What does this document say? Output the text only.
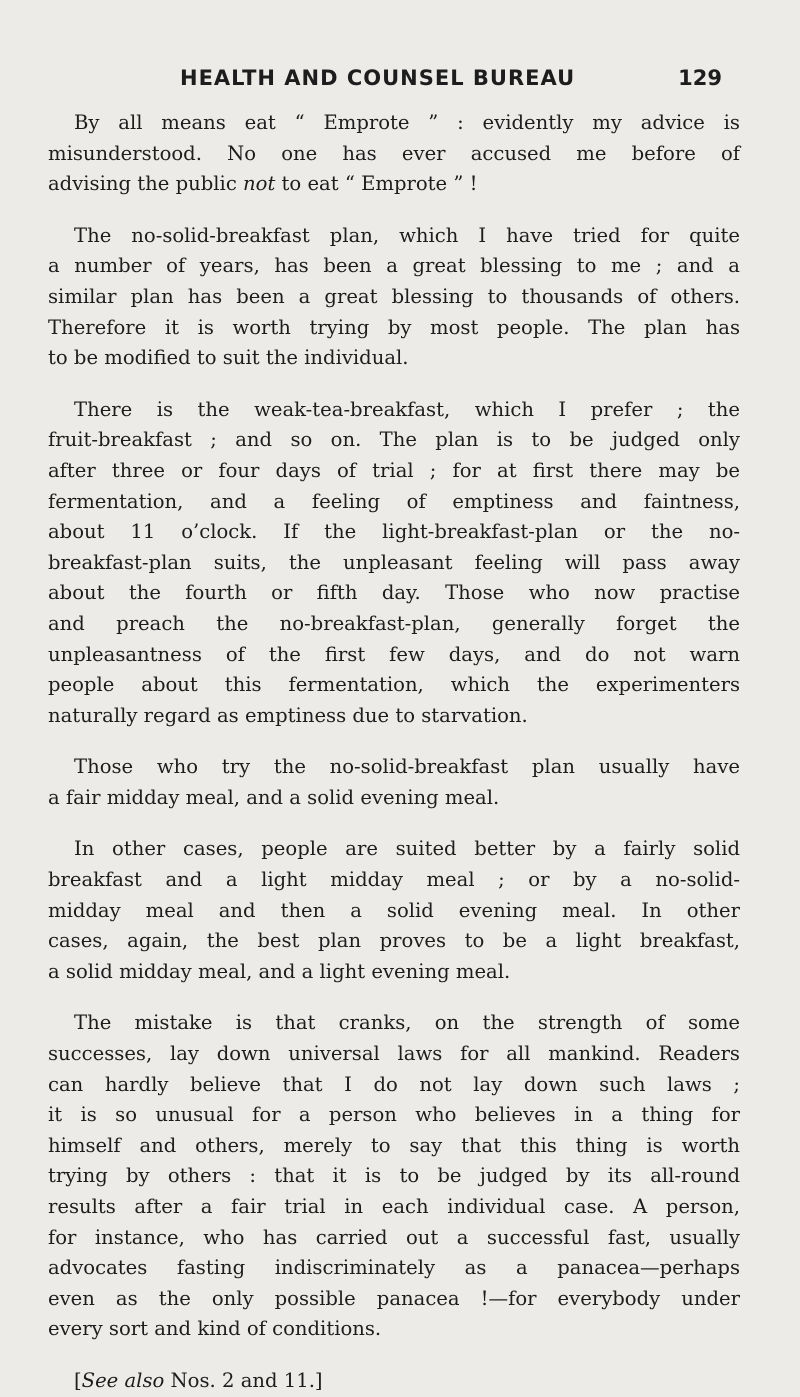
HEALTH AND COUNSEL BUREAU	129
By all means eat “ Emprote ” : evidently my advice is
misunderstood. No one has ever accused me before of
advising the public not to eat “ Emprote ” !
The no-solid-breakfast plan, which I have tried for quite
a number of years, has been a great blessing to me ; and a
similar plan has been a great blessing to thousands of others.
Therefore it is worth trying by most people. The plan has
to be modified to suit the individual.
There is the weak-tea-breakfast, which I prefer ; the
fruit-breakfast ; and so on. The plan is to be judged only
after three or four days of trial ; for at first there may be
fermentation, and a feeling of emptiness and faintness,
about 11 o’clock. If the light-breakfast-plan or the no-
breakfast-plan suits, the unpleasant feeling will pass away
about the fourth or fifth day. Those who now practise
and preach the no-breakfast-plan, generally forget the
unpleasantness of the first few days, and do not warn
people about this fermentation, which the experimenters
naturally regard as emptiness due to starvation.
Those who try the no-solid-breakfast plan usually have
a fair midday meal, and a solid evening meal.
In other cases, people are suited better by a fairly solid
breakfast and a light midday meal ; or by a no-solid-
midday meal and then a solid evening meal. In other
cases, again, the best plan proves to be a light breakfast,
a solid midday meal, and a light evening meal.
The mistake is that cranks, on the strength of some
successes, lay down universal laws for all mankind. Readers
can hardly believe that I do not lay down such laws ;
it is so unusual for a person who believes in a thing for
himself and others, merely to say that this thing is worth
trying by others : that it is to be judged by its all-round
results after a fair trial in each individual case. A person,
for instance, who has carried out a successful fast, usually
advocates fasting indiscriminately as a panacea—perhaps
even as the only possible panacea !—for everybody under
every sort and kind of conditions.
[See also Nos. 2 and 11.]
